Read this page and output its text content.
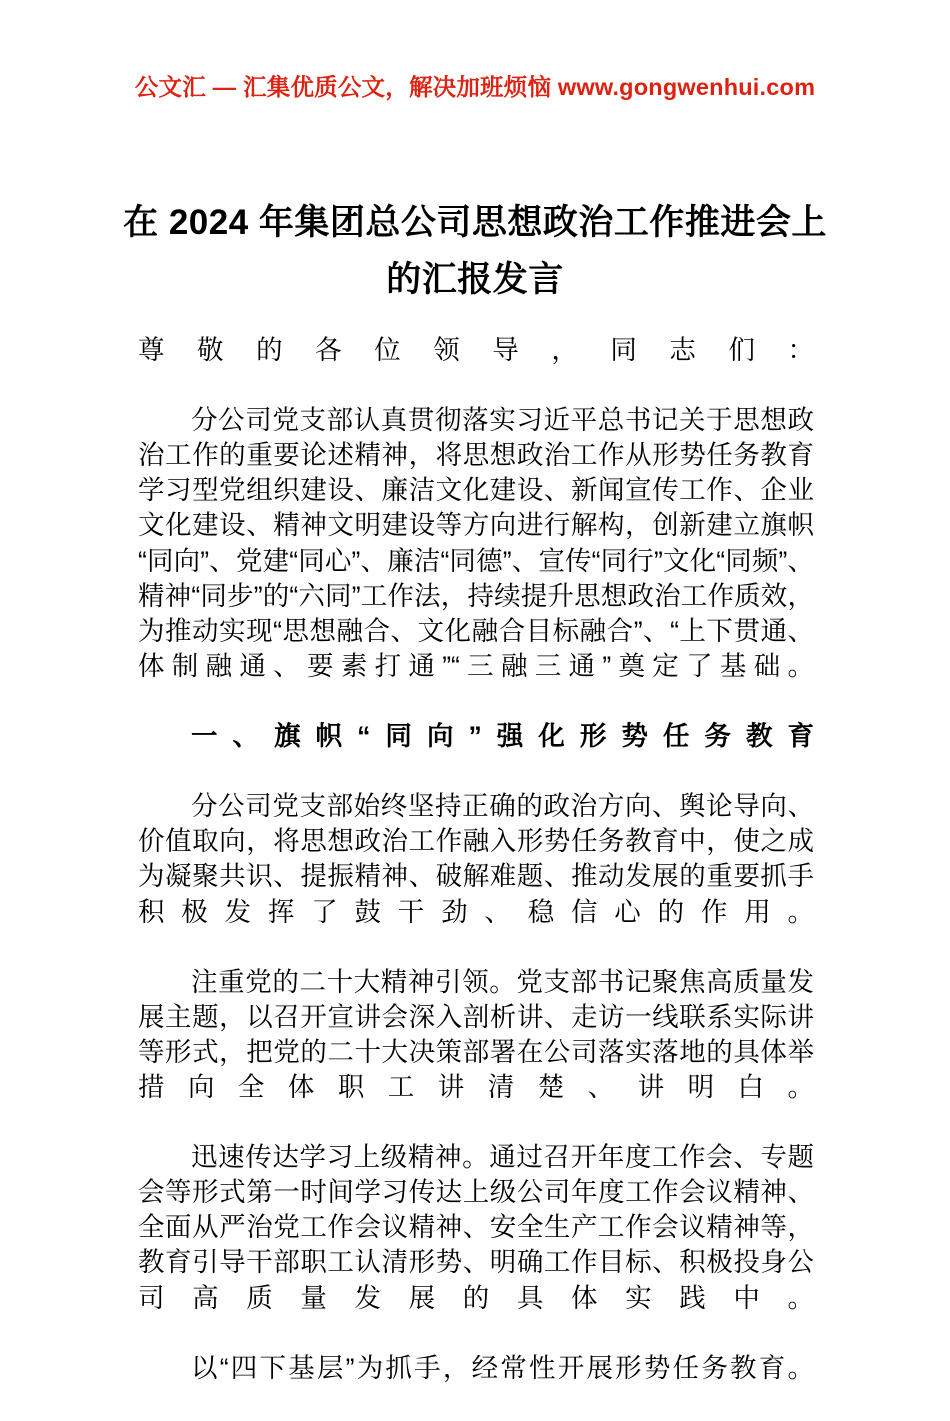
公文汇 — 汇集优质公文，解决加班烦恼 www.gongwenhui.com
在 2024 年集团总公司思想政治工作推进会上的汇报发言

尊敬的各位领导，同志们：

分公司党支部认真贯彻落实习近平总书记关于思想政治工作的重要论述精神，将思想政治工作从形势任务教育学习型党组织建设、廉洁文化建设、新闻宣传工作、企业文化建设、精神文明建设等方向进行解构，创新建立旗帜“同向”、党建“同心”、廉洁“同德”、宣传“同行”文化“同频”、精神“同步”的“六同”工作法，持续提升思想政治工作质效，为推动实现“思想融合、文化融合目标融合”、“上下贯通、体制融通、要素打通”“三融三通”奠定了基础。

一、旗帜“同向”强化形势任务教育

分公司党支部始终坚持正确的政治方向、舆论导向、价值取向，将思想政治工作融入形势任务教育中，使之成为凝聚共识、提振精神、破解难题、推动发展的重要抓手积极发挥了鼓干劲、稳信心的作用。

注重党的二十大精神引领。党支部书记聚焦高质量发展主题，以召开宣讲会深入剖析讲、走访一线联系实际讲等形式，把党的二十大决策部署在公司落实落地的具体举措向全体职工讲清楚、讲明白。

迅速传达学习上级精神。通过召开年度工作会、专题会等形式第一时间学习传达上级公司年度工作会议精神、全面从严治党工作会议精神、安全生产工作会议精神等，教育引导干部职工认清形势、明确工作目标、积极投身公司高质量发展的具体实践中。

以“四下基层”为抓手，经常性开展形势任务教育。
